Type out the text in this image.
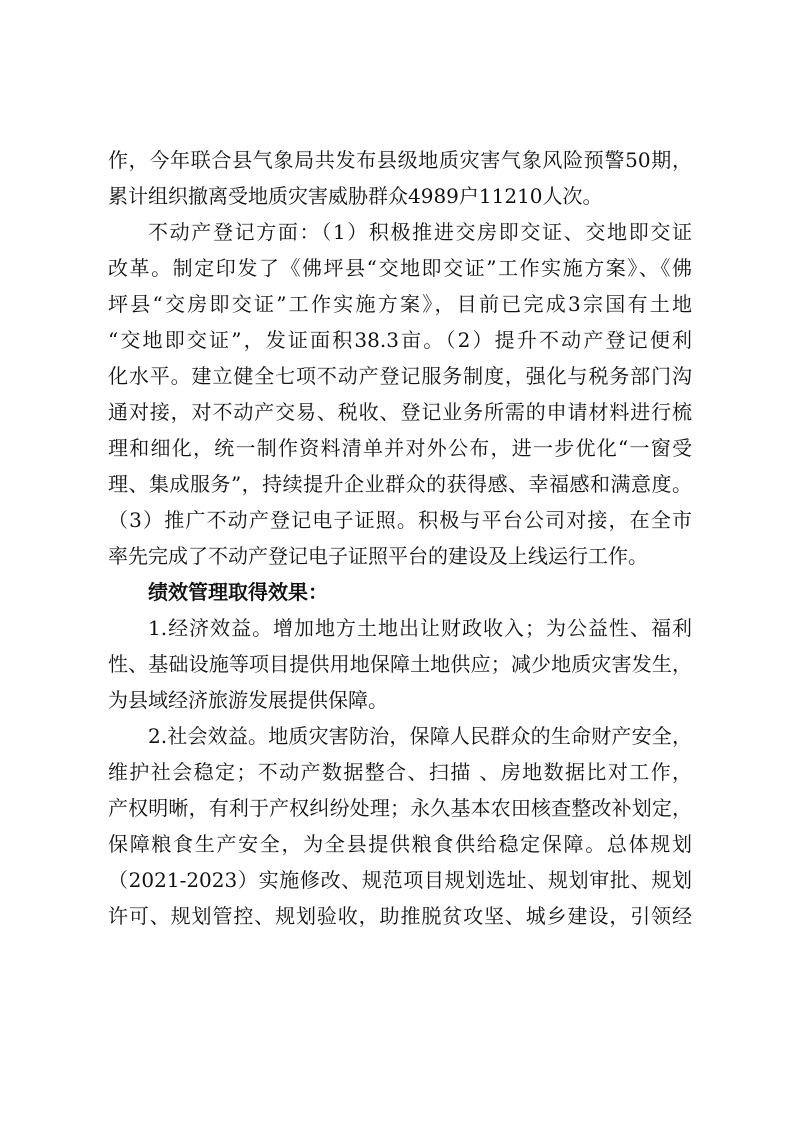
作，今年联合县气象局共发布县级地质灾害气象风险预警50期，
累计组织撤离受地质灾害威胁群众4989户11210人次。
不动产登记方面：（1）积极推进交房即交证、交地即交证
改革。制定印发了《佛坪县“交地即交证”工作实施方案》、《佛
坪县“交房即交证”工作实施方案》，目前已完成3宗国有土地
“交地即交证”，发证面积38.3亩。（2）提升不动产登记便利
化水平。建立健全七项不动产登记服务制度，强化与税务部门沟
通对接，对不动产交易、税收、登记业务所需的申请材料进行梳
理和细化，统一制作资料清单并对外公布，进一步优化“一窗受
理、集成服务”，持续提升企业群众的获得感、幸福感和满意度。
（3）推广不动产登记电子证照。积极与平台公司对接，在全市
率先完成了不动产登记电子证照平台的建设及上线运行工作。
绩效管理取得效果：
1.经济效益。增加地方土地出让财政收入；为公益性、福利
性、基础设施等项目提供用地保障土地供应；减少地质灾害发生，
为县域经济旅游发展提供保障。
2.社会效益。地质灾害防治，保障人民群众的生命财产安全，
维护社会稳定；不动产数据整合、扫描 、房地数据比对工作，
产权明晰，有利于产权纠纷处理；永久基本农田核查整改补划定，
保障粮食生产安全，为全县提供粮食供给稳定保障。总体规划
（2021-2023）实施修改、规范项目规划选址、规划审批、规划
许可、规划管控、规划验收，助推脱贫攻坚、城乡建设，引领经
